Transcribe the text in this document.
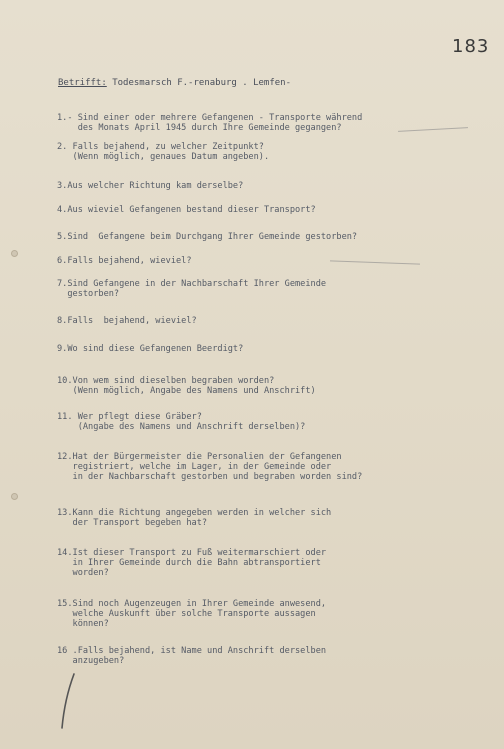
183
Betrifft: Todesmarsch F.-renaburg . Lemfen-
1.- Sind einer oder mehrere Gefangenen - Transporte während
des Monats April 1945 durch Ihre Gemeinde gegangen?
2. Falls bejahend, zu welcher Zeitpunkt?
(Wenn möglich, genaues Datum angeben).
3.Aus welcher Richtung kam derselbe?
4.Aus wieviel Gefangenen bestand dieser Transport?
5.Sind  Gefangene beim Durchgang Ihrer Gemeinde gestorben?
6.Falls bejahend, wieviel?
7.Sind Gefangene in der Nachbarschaft Ihrer Gemeinde
gestorben?
8.Falls  bejahend, wieviel?
9.Wo sind diese Gefangenen Beerdigt?
10.Von wem sind dieselben begraben worden?
(Wenn möglich, Angabe des Namens und Anschrift)
11. Wer pflegt diese Gräber?
(Angabe des Namens und Anschrift derselben)?
12.Hat der Bürgermeister die Personalien der Gefangenen
registriert, welche im Lager, in der Gemeinde oder
in der Nachbarschaft gestorben und begraben worden sind?
13.Kann die Richtung angegeben werden in welcher sich
der Transport begeben hat?
14.Ist dieser Transport zu Fuß weitermarschiert oder
in Ihrer Gemeinde durch die Bahn abtransportiert
worden?
15.Sind noch Augenzeugen in Ihrer Gemeinde anwesend,
welche Auskunft über solche Transporte aussagen
können?
16 .Falls bejahend, ist Name und Anschrift derselben
anzugeben?
